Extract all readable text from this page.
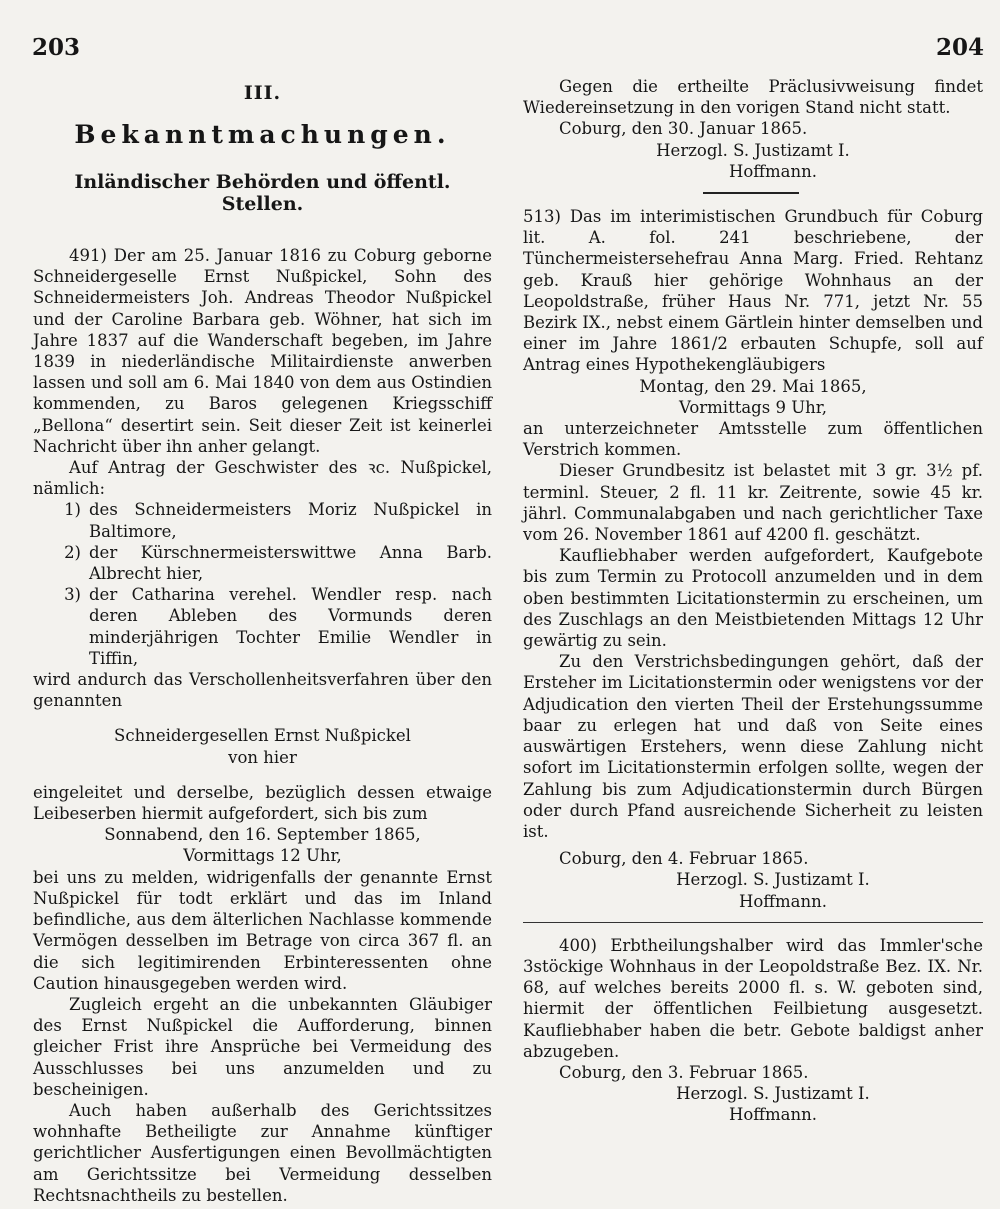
203	204
III.
Bekanntmachungen.
Inländischer Behörden und öffentl. Stellen.
491) Der am 25. Januar 1816 zu Coburg geborne Schneidergeselle Ernst Nußpickel, Sohn des Schneidermeisters Joh. Andreas Theodor Nußpickel und der Caroline Barbara geb. Wöhner, hat sich im Jahre 1837 auf die Wanderschaft begeben, im Jahre 1839 in niederländische Militairdienste anwerben lassen und soll am 6. Mai 1840 von dem aus Ostindien kommenden, zu Baros gelegenen Kriegsschiff „Bellona“ desertirt sein. Seit dieser Zeit ist keinerlei Nachricht über ihn anher gelangt.
Auf Antrag der Geschwister des ꝛc. Nußpickel, nämlich:
1) des Schneidermeisters Moriz Nußpickel in Baltimore,
2) der Kürschnermeisterswittwe Anna Barb. Albrecht hier,
3) der Catharina verehel. Wendler resp. nach deren Ableben des Vormunds deren minderjährigen Tochter Emilie Wendler in Tiffin,
wird andurch das Verschollenheitsverfahren über den genannten
Schneidergesellen Ernst Nußpickel
von hier
eingeleitet und derselbe, bezüglich dessen etwaige Leibeserben hiermit aufgefordert, sich bis zum
Sonnabend, den 16. September 1865,
Vormittags 12 Uhr,
bei uns zu melden, widrigenfalls der genannte Ernst Nußpickel für todt erklärt und das im Inland befindliche, aus dem älterlichen Nachlasse kommende Vermögen desselben im Betrage von circa 367 fl. an die sich legitimirenden Erbinteressenten ohne Caution hinausgegeben werden wird.
Zugleich ergeht an die unbekannten Gläubiger des Ernst Nußpickel die Aufforderung, binnen gleicher Frist ihre Ansprüche bei Vermeidung des Ausschlusses bei uns anzumelden und zu bescheinigen.
Auch haben außerhalb des Gerichtssitzes wohnhafte Betheiligte zur Annahme künftiger gerichtlicher Ausfertigungen einen Bevollmächtigten am Gerichtssitze bei Vermeidung desselben Rechtsnachtheils zu bestellen.
Gegen die ertheilte Präclusivweisung findet Wiedereinsetzung in den vorigen Stand nicht statt.
Coburg, den 30. Januar 1865.
Herzogl. S. Justizamt I.
Hoffmann.
513) Das im interimistischen Grundbuch für Coburg lit. A. fol. 241 beschriebene, der Tünchermeistersehefrau Anna Marg. Fried. Rehtanz geb. Krauß hier gehörige Wohnhaus an der Leopoldstraße, früher Haus Nr. 771, jetzt Nr. 55 Bezirk IX., nebst einem Gärtlein hinter demselben und einer im Jahre 1861/2 erbauten Schupfe, soll auf Antrag eines Hypothekengläubigers
Montag, den 29. Mai 1865,
Vormittags 9 Uhr,
an unterzeichneter Amtsstelle zum öffentlichen Verstrich kommen.
Dieser Grundbesitz ist belastet mit 3 gr. 3½ pf. terminl. Steuer, 2 fl. 11 kr. Zeitrente, sowie 45 kr. jährl. Communalabgaben und nach gerichtlicher Taxe vom 26. November 1861 auf 4200 fl. geschätzt.
Kaufliebhaber werden aufgefordert, Kaufgebote bis zum Termin zu Protocoll anzumelden und in dem oben bestimmten Licitationstermin zu erscheinen, um des Zuschlags an den Meistbietenden Mittags 12 Uhr gewärtig zu sein.
Zu den Verstrichsbedingungen gehört, daß der Ersteher im Licitationstermin oder wenigstens vor der Adjudication den vierten Theil der Erstehungssumme baar zu erlegen hat und daß von Seite eines auswärtigen Erstehers, wenn diese Zahlung nicht sofort im Licitationstermin erfolgen sollte, wegen der Zahlung bis zum Adjudicationstermin durch Bürgen oder durch Pfand ausreichende Sicherheit zu leisten ist.
Coburg, den 4. Februar 1865.
Herzogl. S. Justizamt I.
Hoffmann.
400) Erbtheilungshalber wird das Immler'sche 3stöckige Wohnhaus in der Leopoldstraße Bez. IX. Nr. 68, auf welches bereits 2000 fl. s. W. geboten sind, hiermit der öffentlichen Feilbietung ausgesetzt. Kaufliebhaber haben die betr. Gebote baldigst anher abzugeben.
Coburg, den 3. Februar 1865.
Herzogl. S. Justizamt I.
Hoffmann.
